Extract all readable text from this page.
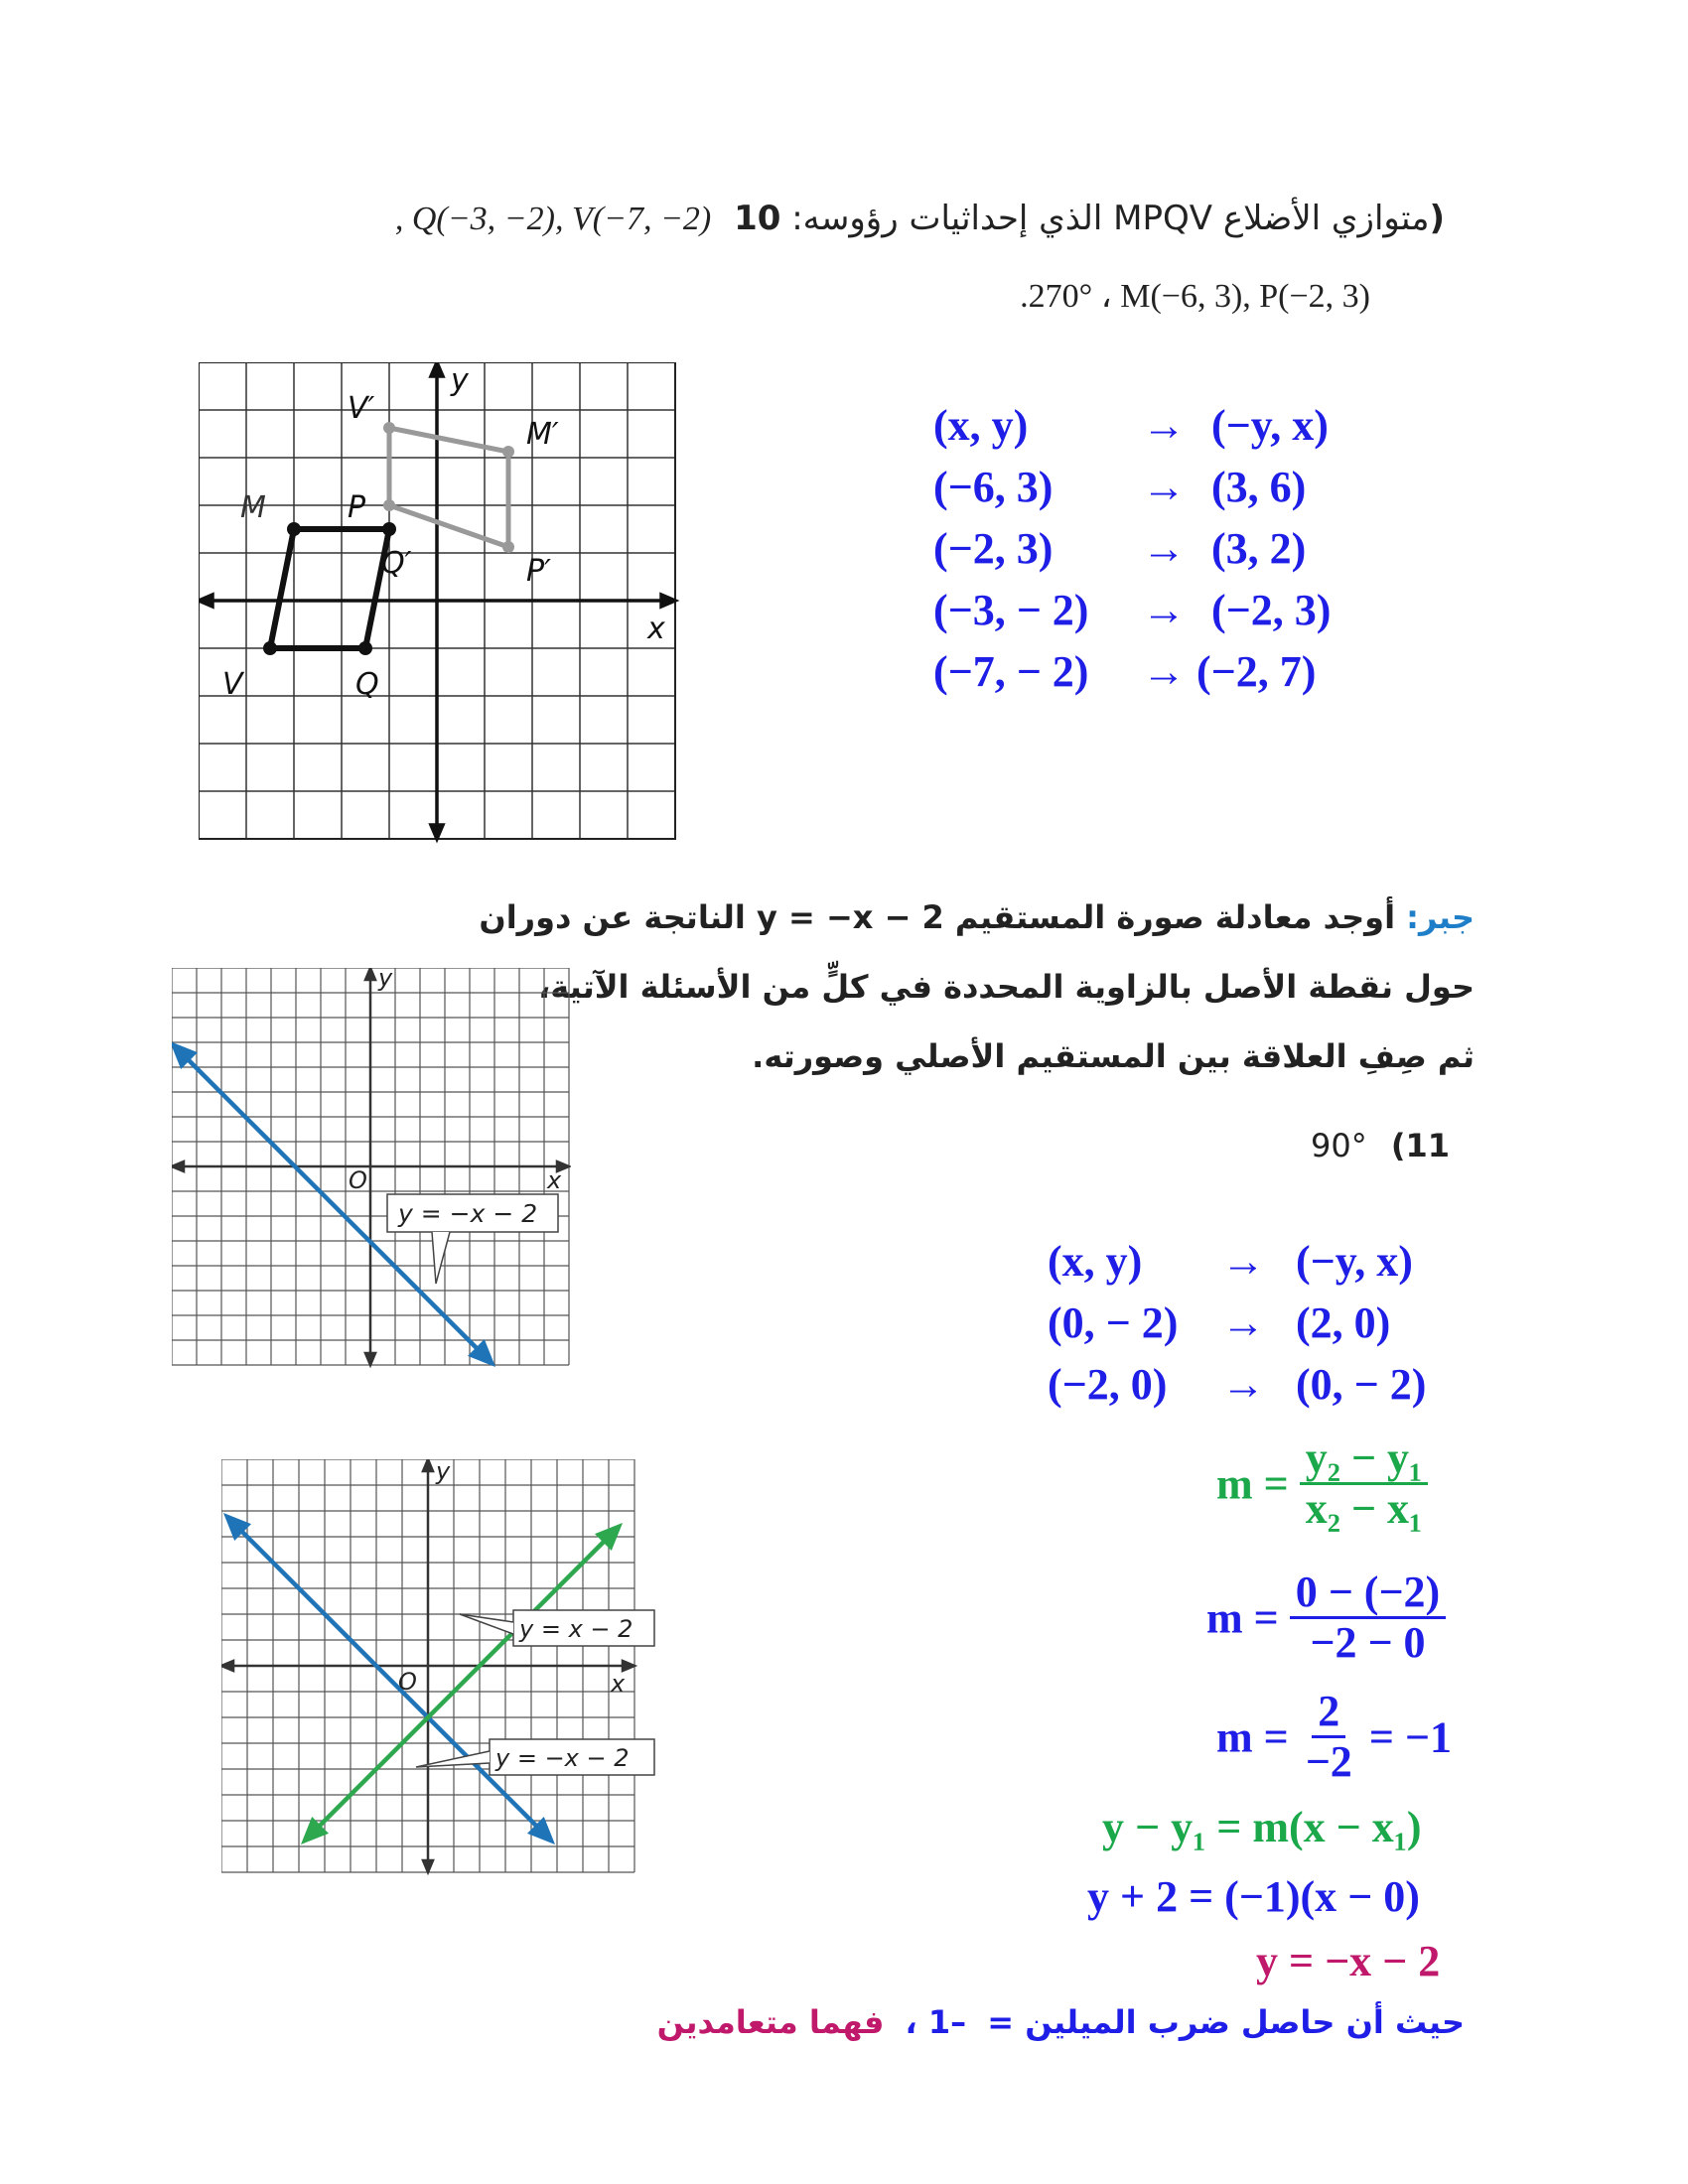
, Q(−3, −2), V(−7, −2) متوازي الأضلاع MPQV الذي إحداثيات رؤوسه: 10)
.270° ، M(−6, 3), P(−2, 3)
y
x
M	P
V	Q
V′
M′
P′
Q′
(x, y)	→ (−y, x)
(−6, 3) → (3, 6)
(−2, 3) → (3, 2)
(−3, − 2) → (−2, 3)
(−7, − 2) → (−2, 7)
جبر: أوجد معادلة صورة المستقيم y = −x − 2 الناتجة عن دوران
حول نقطة الأصل بالزاوية المحددة في كلٍّ من الأسئلة الآتية،
ثم صِفِ العلاقة بين المستقيم الأصلي وصورته.
90° (11
y
x
O
y = −x − 2
(x, y) → (−y, x)
(0, − 2) → (2, 0)
(−2, 0) → (0, − 2)
y
x
O
y = x − 2
y = −x − 2
$m = \frac{\text{y₂ − y₁}}{\text{x₂ − x₁}}$
$m = \frac{0 - (-2)}{-2 - 0}$
$m = \frac{2}{-2} = -1$
y − y₁ = m(x − x₁)
y + 2 = (−1)(x − 0)
y = −x − 2
حيث أن حاصل ضرب الميلين = –1 ، فهما متعامدين
